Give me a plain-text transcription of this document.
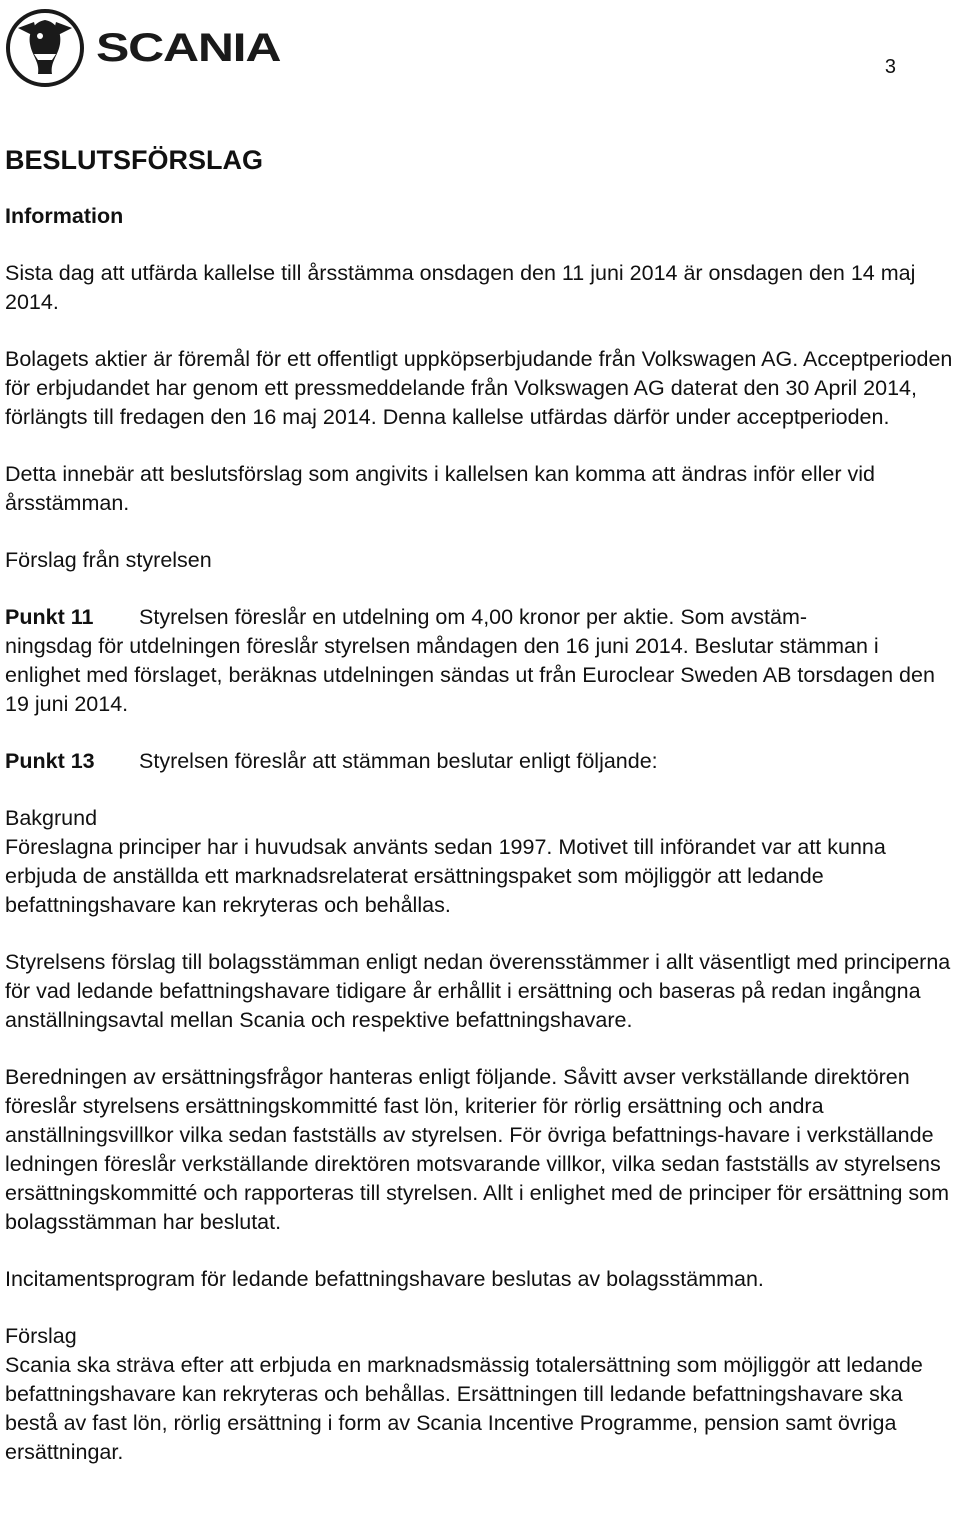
SCANIA	3
BESLUTSFÖRSLAG
Information

Sista dag att utfärda kallelse till årsstämma onsdagen den 11 juni 2014 är onsdagen den 14 maj 2014.

Bolagets aktier är föremål för ett offentligt uppköpserbjudande från Volkswagen AG. Acceptperioden för erbjudandet har genom ett pressmeddelande från Volkswagen AG daterat den 30 April 2014, förlängts till fredagen den 16 maj 2014. Denna kallelse utfärdas därför under acceptperioden.

Detta innebär att beslutsförslag som angivits i kallelsen kan komma att ändras inför eller vid årsstämman.

Förslag från styrelsen
Punkt 11	Styrelsen föreslår en utdelning om 4,00 kronor per aktie. Som avstäm-

ningsdag för utdelningen föreslår styrelsen måndagen den 16 juni 2014. Beslutar stämman i enlighet med förslaget, beräknas utdelningen sändas ut från Euroclear Sweden AB torsdagen den 19 juni 2014.

Punkt 13	Styrelsen föreslår att stämman beslutar enligt följande:
Bakgrund

Föreslagna principer har i huvudsak använts sedan 1997. Motivet till införandet var att kunna erbjuda de anställda ett marknadsrelaterat ersättningspaket som möjliggör att ledande befattningshavare kan rekryteras och behållas.

Styrelsens förslag till bolagsstämman enligt nedan överensstämmer i allt väsentligt med principerna för vad ledande befattningshavare tidigare år erhållit i ersättning och baseras på redan ingångna anställningsavtal mellan Scania och respektive befattningshavare.

Beredningen av ersättningsfrågor hanteras enligt följande. Såvitt avser verkställande direktören föreslår styrelsens ersättningskommitté fast lön, kriterier för rörlig ersättning och andra anställningsvillkor vilka sedan fastställs av styrelsen. För övriga befattnings-havare i verkställande ledningen föreslår verkställande direktören motsvarande villkor, vilka sedan fastställs av styrelsens ersättningskommitté och rapporteras till styrelsen. Allt i enlighet med de principer för ersättning som bolagsstämman har beslutat.

Incitamentsprogram för ledande befattningshavare beslutas av bolagsstämman.

Förslag

Scania ska sträva efter att erbjuda en marknadsmässig totalersättning som möjliggör att ledande befattningshavare kan rekryteras och behållas. Ersättningen till ledande befattningshavare ska bestå av fast lön, rörlig ersättning i form av Scania Incentive Programme, pension samt övriga ersättningar.
